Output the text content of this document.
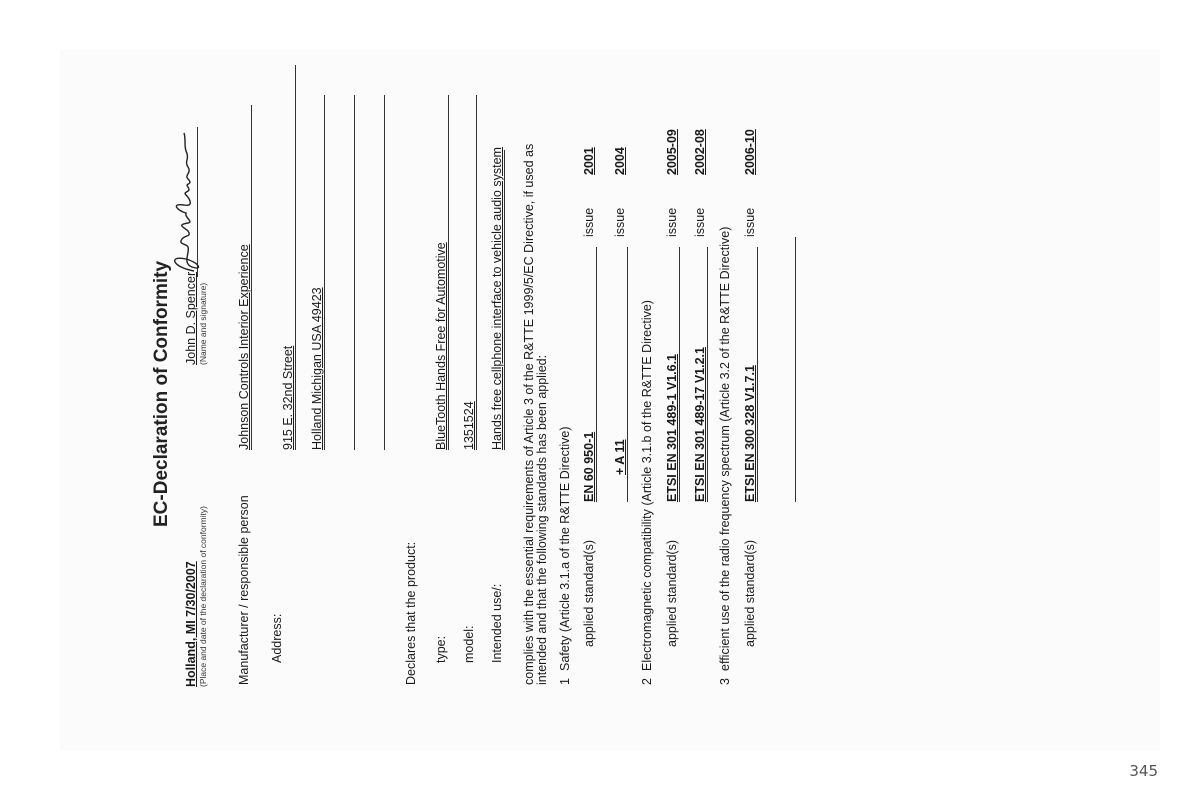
EC-Declaration of Conformity
Manufacturer / responsible person
Johnson Controls Interior Experience
Address:
915 E. 32nd Street Holland Michigan USA 49423
Declares that the product: type:
BlueTooth Hands Free for Automotive
model:
1351524
Intended use/:
Hands free cellphone interface to vehicle audio system complies with the essential requirements of Article 3 of the R&TTE 1999/5/EC Directive, if used as intended and that the following standards has been applied: 1
Safety (Article 3.1.a of the R&TTE Directive) applied standard(s)
EN 60 950-1
issue
2001
+ A 11
issue
2004
2
Electromagnetic compatibility (Article 3.1.b of the R&TTE Directive) applied standard(s)
ETSI EN 301 489-1 V1.6.1
issue
2005-09
ETSI EN 301 489-17 V1.2.1
issue
2002-08
3
efficient use of the radio frequency spectrum (Article 3.2 of the R&TTE Directive) applied standard(s)
ETSI EN 300 328 V1.7.1
issue
2006-10
Holland, MI 7/30/2007 (Place and date of the declaration of conformity)
John D. Spencer (Name and signature)
345
